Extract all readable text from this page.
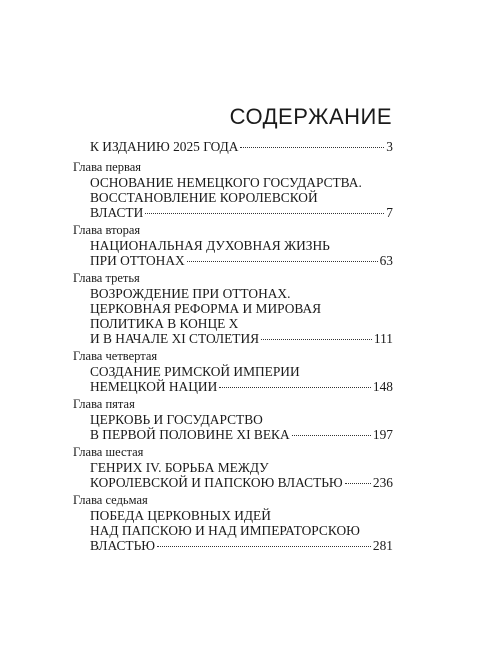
СОДЕРЖАНИЕ
К ИЗДАНИЮ 2025 ГОДА	3
Глава первая
ОСНОВАНИЕ НЕМЕЦКОГО ГОСУДАРСТВА.
ВОССТАНОВЛЕНИЕ КОРОЛЕВСКОЙ
ВЛАСТИ	7
Глава вторая
НАЦИОНАЛЬНАЯ ДУХОВНАЯ ЖИЗНЬ
ПРИ ОТТОНАХ	63
Глава третья
ВОЗРОЖДЕНИЕ ПРИ ОТТОНАХ.
ЦЕРКОВНАЯ РЕФОРМА И МИРОВАЯ
ПОЛИТИКА В КОНЦЕ X
И В НАЧАЛЕ XI СТОЛЕТИЯ	111
Глава четвертая
СОЗДАНИЕ РИМСКОЙ ИМПЕРИИ
НЕМЕЦКОЙ НАЦИИ	148
Глава пятая
ЦЕРКОВЬ И ГОСУДАРСТВО
В ПЕРВОЙ ПОЛОВИНЕ XI ВЕКА	197
Глава шестая
ГЕНРИХ IV. БОРЬБА МЕЖДУ
КОРОЛЕВСКОЙ И ПАПСКОЮ ВЛАСТЬЮ 236
Глава седьмая
ПОБЕДА ЦЕРКОВНЫХ ИДЕЙ
НАД ПАПСКОЮ И НАД ИМПЕРАТОРСКОЮ
ВЛАСТЬЮ	281
